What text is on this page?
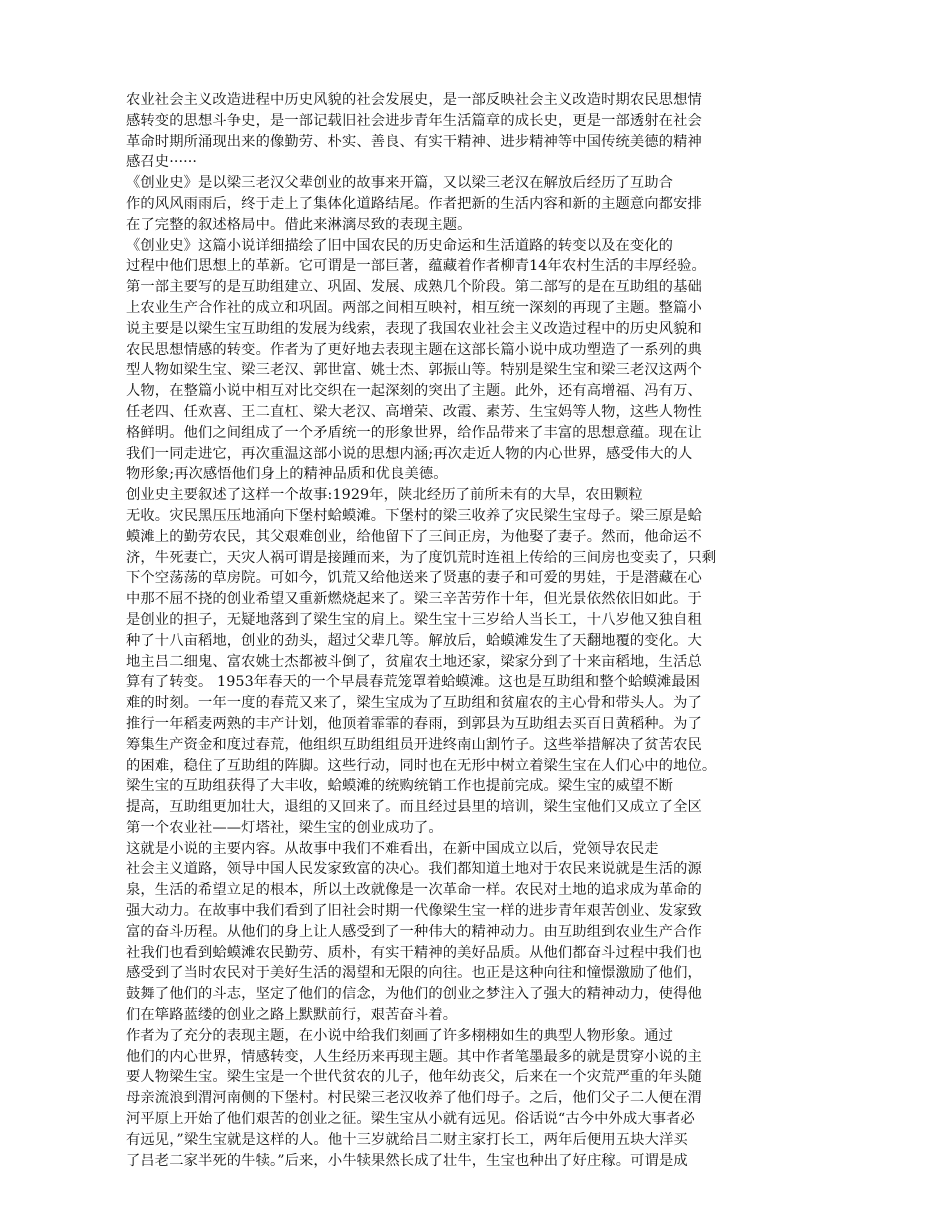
农业社会主义改造进程中历史风貌的社会发展史，是一部反映社会主义改造时期农民思想情
感转变的思想斗争史，是一部记载旧社会进步青年生活篇章的成长史，更是一部透射在社会
革命时期所涌现出来的像勤劳、朴实、善良、有实干精神、进步精神等中国传统美德的精神
感召史······
《创业史》是以梁三老汉父辈创业的故事来开篇，又以梁三老汉在解放后经历了互助合
作的风风雨雨后，终于走上了集体化道路结尾。作者把新的生活内容和新的主题意向都安排
在了完整的叙述格局中。借此来淋漓尽致的表现主题。
《创业史》这篇小说详细描绘了旧中国农民的历史命运和生活道路的转变以及在变化的
过程中他们思想上的革新。它可谓是一部巨著，蕴藏着作者柳青14年农村生活的丰厚经验。
第一部主要写的是互助组建立、巩固、发展、成熟几个阶段。第二部写的是在互助组的基础
上农业生产合作社的成立和巩固。两部之间相互映衬，相互统一深刻的再现了主题。整篇小
说主要是以梁生宝互助组的发展为线索，表现了我国农业社会主义改造过程中的历史风貌和
农民思想情感的转变。作者为了更好地去表现主题在这部长篇小说中成功塑造了一系列的典
型人物如梁生宝、梁三老汉、郭世富、姚士杰、郭振山等。特别是梁生宝和梁三老汉这两个
人物，在整篇小说中相互对比交织在一起深刻的突出了主题。此外，还有高增福、冯有万、
任老四、任欢喜、王二直杠、梁大老汉、高增荣、改霞、素芳、生宝妈等人物，这些人物性
格鲜明。他们之间组成了一个矛盾统一的形象世界，给作品带来了丰富的思想意蕴。现在让
我们一同走进它，再次重温这部小说的思想内涵;再次走近人物的内心世界，感受伟大的人
物形象;再次感悟他们身上的精神品质和优良美德。
创业史主要叙述了这样一个故事:1929年，陕北经历了前所未有的大旱，农田颗粒
无收。灾民黑压压地涌向下堡村蛤蟆滩。下堡村的梁三收养了灾民梁生宝母子。梁三原是蛤
蟆滩上的勤劳农民，其父艰难创业，给他留下了三间正房，为他娶了妻子。然而，他命运不
济，牛死妻亡，天灾人祸可谓是接踵而来，为了度饥荒时连祖上传给的三间房也变卖了，只剩
下个空荡荡的草房院。可如今，饥荒又给他送来了贤惠的妻子和可爱的男娃，于是潜藏在心
中那不屈不挠的创业希望又重新燃烧起来了。梁三辛苦劳作十年，但光景依然依旧如此。于
是创业的担子，无疑地落到了梁生宝的肩上。梁生宝十三岁给人当长工，十八岁他又独自租
种了十八亩稻地，创业的劲头，超过父辈几等。解放后，蛤蟆滩发生了天翻地覆的变化。大
地主吕二细鬼、富农姚士杰都被斗倒了，贫雇农土地还家，梁家分到了十来亩稻地，生活总
算有了转变。 1953年春天的一个早晨春荒笼罩着蛤蟆滩。这也是互助组和整个蛤蟆滩最困
难的时刻。一年一度的春荒又来了，梁生宝成为了互助组和贫雇农的主心骨和带头人。为了
推行一年稻麦两熟的丰产计划，他顶着霏霏的春雨，到郭县为互助组去买百日黄稻种。为了
筹集生产资金和度过春荒，他组织互助组组员开进终南山割竹子。这些举措解决了贫苦农民
的困难，稳住了互助组的阵脚。这些行动，同时也在无形中树立着梁生宝在人们心中的地位。
梁生宝的互助组获得了大丰收，蛤蟆滩的统购统销工作也提前完成。梁生宝的威望不断
提高，互助组更加壮大，退组的又回来了。而且经过县里的培训，梁生宝他们又成立了全区
第一个农业社——灯塔社，梁生宝的创业成功了。
这就是小说的主要内容。从故事中我们不难看出，在新中国成立以后，党领导农民走
社会主义道路，领导中国人民发家致富的决心。我们都知道土地对于农民来说就是生活的源
泉，生活的希望立足的根本，所以土改就像是一次革命一样。农民对土地的追求成为革命的
强大动力。在故事中我们看到了旧社会时期一代像梁生宝一样的进步青年艰苦创业、发家致
富的奋斗历程。从他们的身上让人感受到了一种伟大的精神动力。由互助组到农业生产合作
社我们也看到蛤蟆滩农民勤劳、质朴，有实干精神的美好品质。从他们都奋斗过程中我们也
感受到了当时农民对于美好生活的渴望和无限的向往。也正是这种向往和憧憬激励了他们，
鼓舞了他们的斗志，坚定了他们的信念，为他们的创业之梦注入了强大的精神动力，使得他
们在筚路蓝缕的创业之路上默默前行，艰苦奋斗着。
作者为了充分的表现主题，在小说中给我们刻画了许多栩栩如生的典型人物形象。通过
他们的内心世界，情感转变，人生经历来再现主题。其中作者笔墨最多的就是贯穿小说的主
要人物梁生宝。梁生宝是一个世代贫农的儿子，他年幼丧父，后来在一个灾荒严重的年头随
母亲流浪到渭河南侧的下堡村。村民梁三老汉收养了他们母子。之后，他们父子二人便在渭
河平原上开始了他们艰苦的创业之征。梁生宝从小就有远见。俗话说“古今中外成大事者必
有远见，”梁生宝就是这样的人。他十三岁就给吕二财主家打长工，两年后便用五块大洋买
了吕老二家半死的牛犊。”后来，小牛犊果然长成了壮牛，生宝也种出了好庄稼。可谓是成
